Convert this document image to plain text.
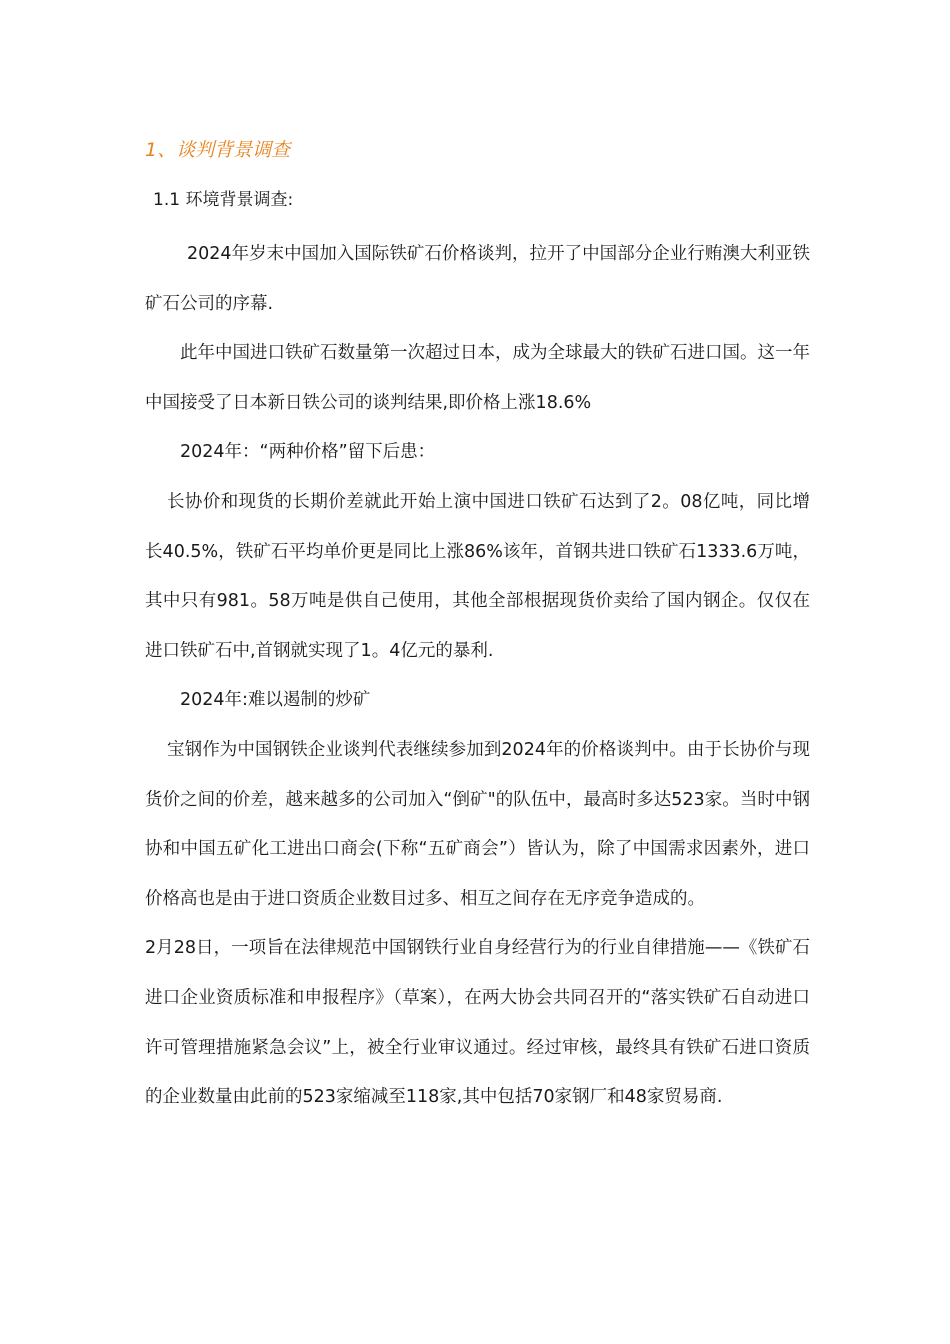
1、谈判背景调查
1.1 环境背景调查:

2024年岁末中国加入国际铁矿石价格谈判，拉开了中国部分企业行贿澳大利亚铁矿石公司的序幕.

此年中国进口铁矿石数量第一次超过日本，成为全球最大的铁矿石进口国。这一年中国接受了日本新日铁公司的谈判结果,即价格上涨18.6%

2024年：“两种价格”留下后患：

长协价和现货的长期价差就此开始上演中国进口铁矿石达到了2。08亿吨，同比增长40.5%，铁矿石平均单价更是同比上涨86%该年，首钢共进口铁矿石1333.6万吨，其中只有981。58万吨是供自己使用，其他全部根据现货价卖给了国内钢企。仅仅在进口铁矿石中,首钢就实现了1。4亿元的暴利.

2024年:难以遏制的炒矿

宝钢作为中国钢铁企业谈判代表继续参加到2024年的价格谈判中。由于长协价与现货价之间的价差，越来越多的公司加入“倒矿"的队伍中，最高时多达523家。当时中钢协和中国五矿化工进出口商会(下称“五矿商会”）皆认为，除了中国需求因素外，进口价格高也是由于进口资质企业数目过多、相互之间存在无序竞争造成的。

2月28日，一项旨在法律规范中国钢铁行业自身经营行为的行业自律措施——《铁矿石进口企业资质标准和申报程序》（草案），在两大协会共同召开的“落实铁矿石自动进口许可管理措施紧急会议”上，被全行业审议通过。经过审核，最终具有铁矿石进口资质的企业数量由此前的523家缩减至118家,其中包括70家钢厂和48家贸易商.
